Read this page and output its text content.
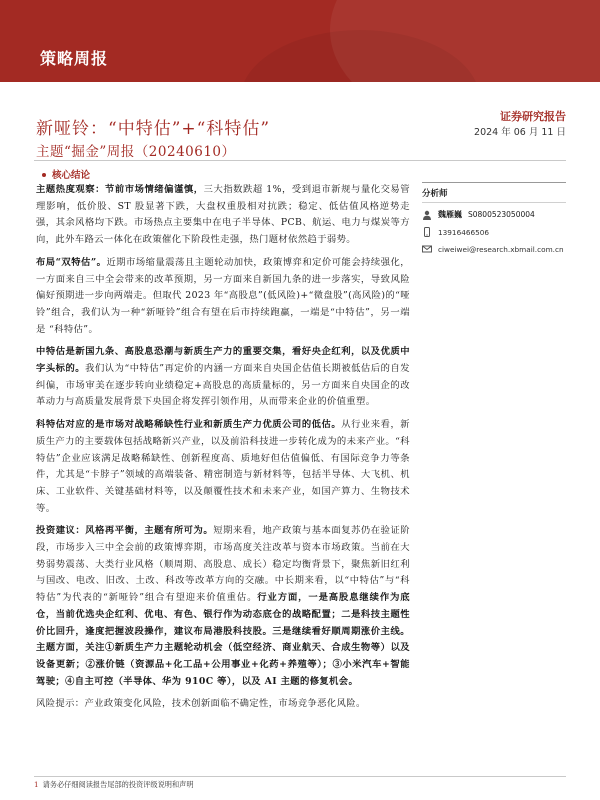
策略周报
新哑铃：“中特估”+“科特估”
主题“掘金”周报（20240610）
证券研究报告
2024 年 06 月 11 日
核心结论

主题热度观察：节前市场情绪偏谨慎，三大指数跌超 1%，受到退市新规与量化交易管理影响，低价股、ST 股显著下跌，大盘权重股相对抗跌；稳定、低估值风格逆势走强，其余风格均下跌。市场热点主要集中在电子半导体、PCB、航运、电力与煤炭等方向，此外车路云一体化在政策催化下阶段性走强，热门题材依然趋于弱势。

布局“双特估”。近期市场缩量震荡且主题轮动加快，政策博弈和定价可能会持续强化，一方面来自三中全会带来的改革预期，另一方面来自新国九条的进一步落实，导致风险偏好预期进一步向两端走。但取代 2023 年“高股息”(低风险)+“微盘股”(高风险)的“哑铃”组合，我们认为一种“新哑铃”组合有望在后市持续跑赢，一端是“中特估”，另一端是 “科特估”。

中特估是新国九条、高股息恐潮与新质生产力的重要交集，看好央企红利，以及优质中字头标的。我们认为“中特估”再定价的内涵一方面来自央国企估值长期被低估后的自发纠偏，市场审美在逐步转向业绩稳定+高股息的高质量标的，另一方面来自央国企的改革动力与高质量发展背景下央国企将发挥引领作用，从而带来企业的价值重塑。

科特估对应的是市场对战略稀缺性行业和新质生产力优质公司的低估。从行业来看，新质生产力的主要载体包括战略新兴产业，以及前沿科技进一步转化成为的未来产业。“科特估”企业应该满足战略稀缺性、创新程度高、质地好但估值偏低、有国际竞争力等条件，尤其是“卡脖子”领域的高端装备、精密制造与新材料等，包括半导体、大飞机、机床、工业软件、关键基础材料等，以及颠覆性技术和未来产业，如国产算力、生物技术等。

投资建议：风格再平衡，主题有所可为。短期来看，地产政策与基本面复苏仍在验证阶段，市场步入三中全会前的政策博弈期，市场高度关注改革与资本市场政策。当前在大势弱势震荡、大类行业风格（顺周期、高股息、成长）稳定均衡背景下，聚焦新旧红利与国改、电改、旧改、土改、科改等改革方向的交融。中长期来看，以“中特估”与“科特估”为代表的“新哑铃”组合有望迎来价值重估。行业方面，一是高股息继续作为底仓，当前优选央企红利、优电、有色、银行作为动态底仓的战略配置；二是科技主题性价比回升，逢度把握波段操作，建议布局港股科技股。三是继续看好顺周期涨价主线。主题方面，关注①新质生产力主题轮动机会（低空经济、商业航天、合成生物等）以及设备更新；②涨价链（资源品+化工品+公用事业+化药+养殖等）；③小米汽车+智能驾驶；④自主可控（半导体、华为 910C 等），以及 AI 主题的修复机会。

风险提示：产业政策变化风险，技术创新面临不确定性，市场竞争恶化风险。

分析师
魏雁巍 S0800523050004
13916466506
ciweiwei@research.xbmail.com.cn
1 请务必仔细阅读报告尾部的投资评级说明和声明
